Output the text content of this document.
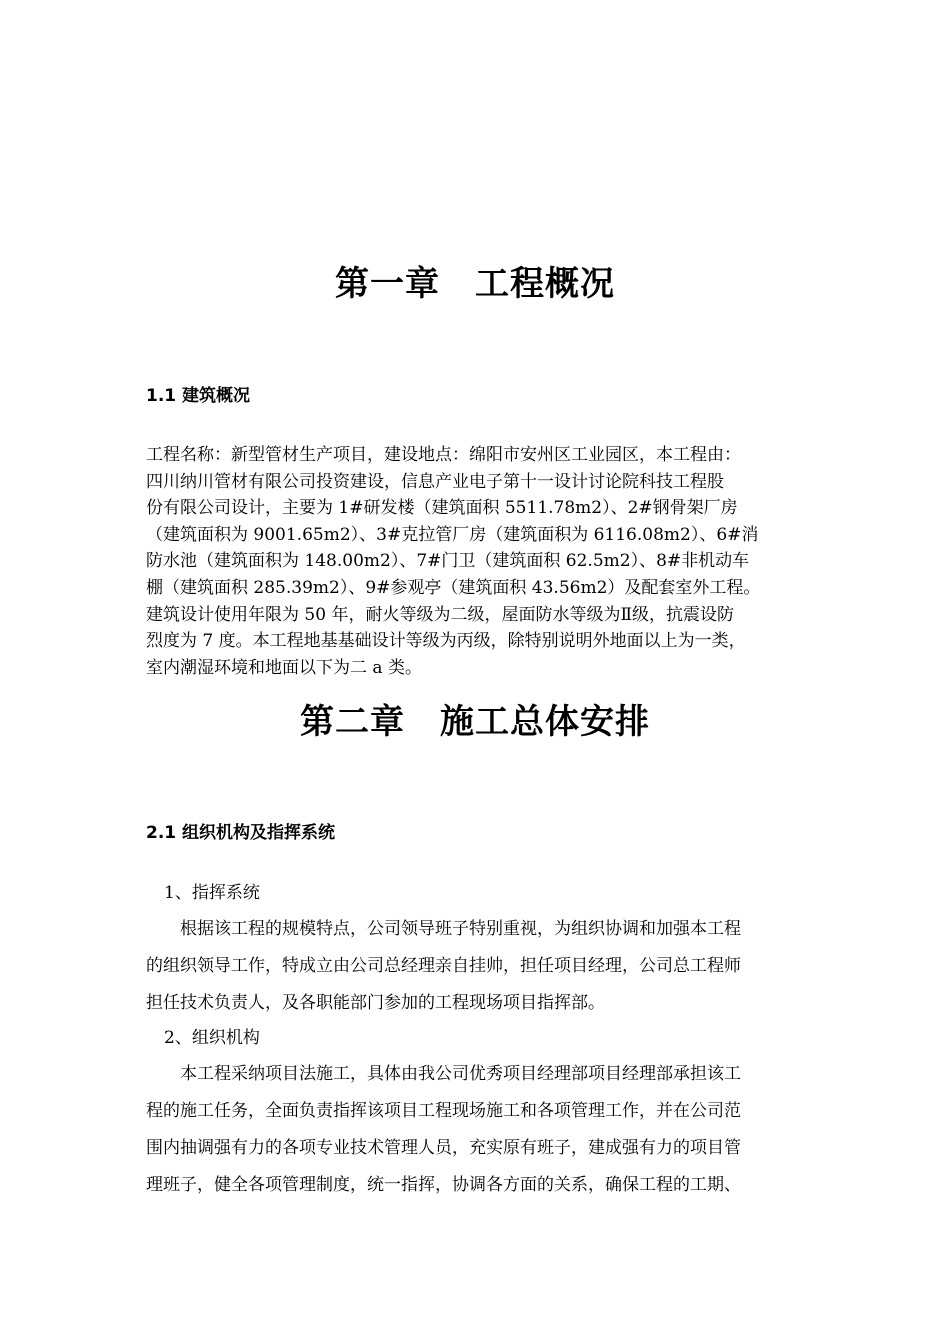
第一章　工程概况
1.1 建筑概况
工程名称：新型管材生产项目，建设地点：绵阳市安州区工业园区，本工程由：
四川纳川管材有限公司投资建设，信息产业电子第十一设计讨论院科技工程股
份有限公司设计，主要为 1#研发楼（建筑面积 5511.78m2）、2#钢骨架厂房
（建筑面积为 9001.65m2）、3#克拉管厂房（建筑面积为 6116.08m2）、6#消
防水池（建筑面积为 148.00m2）、7#门卫（建筑面积 62.5m2）、8#非机动车
棚（建筑面积 285.39m2）、9#参观亭（建筑面积 43.56m2）及配套室外工程。
建筑设计使用年限为 50 年，耐火等级为二级，屋面防水等级为Ⅱ级，抗震设防
烈度为 7 度。本工程地基基础设计等级为丙级，除特别说明外地面以上为一类，
室内潮湿环境和地面以下为二 a 类。
第二章　施工总体安排
2.1 组织机构及指挥系统
1、指挥系统
　　根据该工程的规模特点，公司领导班子特别重视，为组织协调和加强本工程
的组织领导工作，特成立由公司总经理亲自挂帅，担任项目经理，公司总工程师
担任技术负责人，及各职能部门参加的工程现场项目指挥部。
2、组织机构
　　本工程采纳项目法施工，具体由我公司优秀项目经理部项目经理部承担该工
程的施工任务，全面负责指挥该项目工程现场施工和各项管理工作，并在公司范
围内抽调强有力的各项专业技术管理人员，充实原有班子，建成强有力的项目管
理班子，健全各项管理制度，统一指挥，协调各方面的关系，确保工程的工期、
